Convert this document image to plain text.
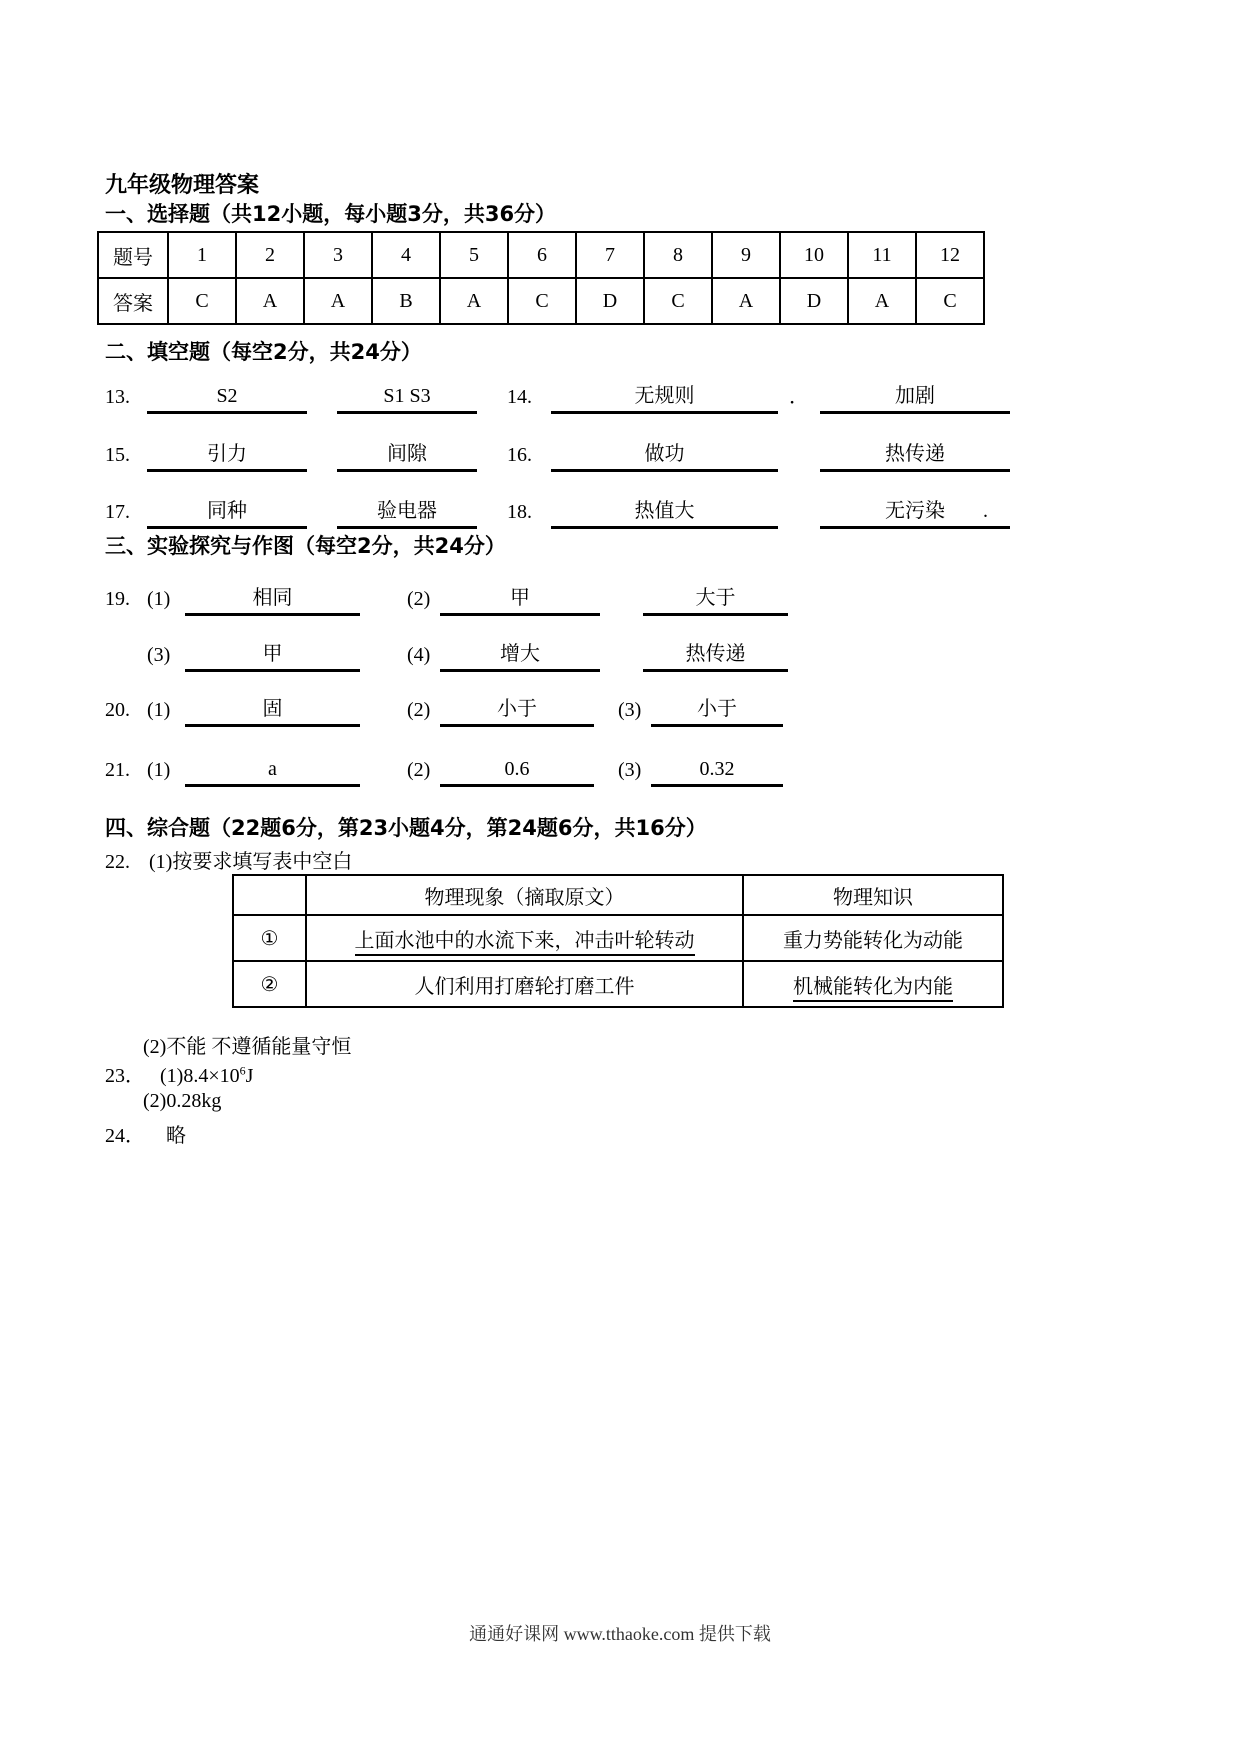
九年级物理答案
一、选择题（共12小题，每小题3分，共36分）
题号	1	2	3	4	5	6	7	8	9	10	11	12
答案	C	A	A	B	A	C	D	C	A	D	A	C
二、填空题（每空2分，共24分）
13.	S2	S1 S3	14.	无规则	．	加剧
15.	引力	间隙	16.	做功	热传递
17.	同种	验电器	18.	热值大	无污染 .
三、实验探究与作图（每空2分，共24分）
19. (1)	相同	(2)	甲	大于
(3)	甲	(4)	增大	热传递
20. (1)	固	(2)	小于	(3)	小于
21. (1)	a	(2)	0.6	(3)	0.32
四、综合题（22题6分，第23小题4分，第24题6分，共16分）
22. (1)按要求填写表中空白
	物理现象（摘取原文）	物理知识
①	上面水池中的水流下来，冲击叶轮转动	重力势能转化为动能
②	人们利用打磨轮打磨工件	机械能转化为内能
(2)不能 不遵循能量守恒
23． $(1)8.4\times 10^6J$
(2)0.28kg
24． 略
通通好课网 www.tthaoke.com 提供下载
